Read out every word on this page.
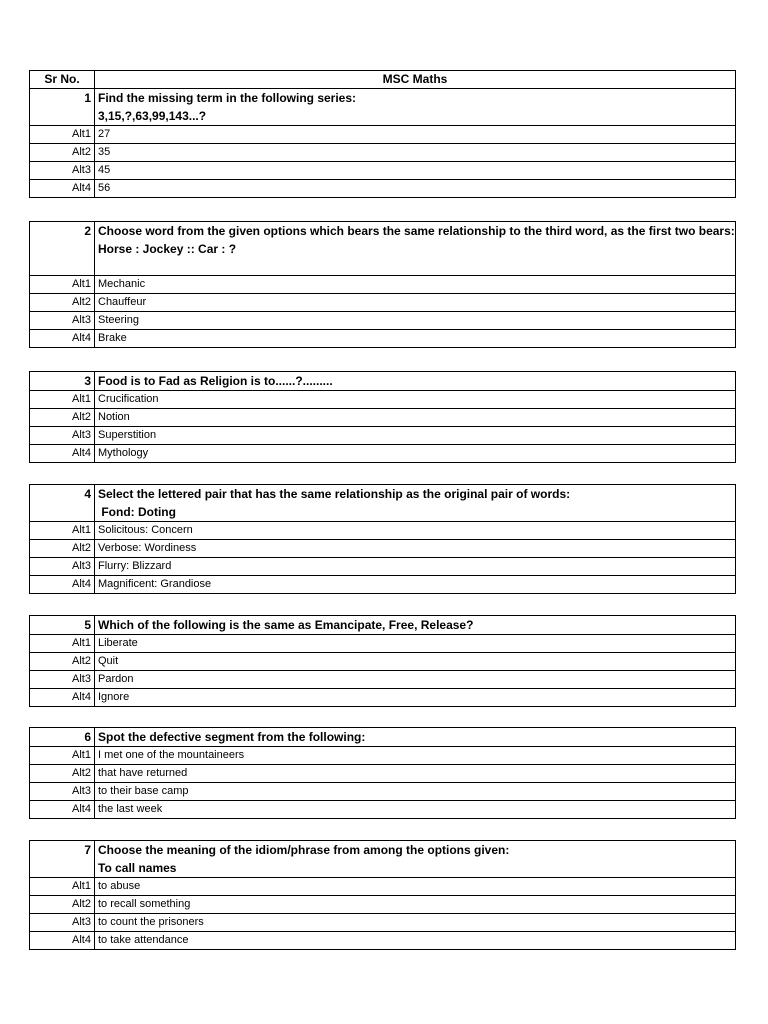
Sr No.	MSC Maths
1	Find the missing term in the following series:
3,15,?,63,99,143...?

Alt1	27
Alt2	35
Alt3	45
Alt4	56
2	Choose word from the given options which bears the same relationship to the third word, as the first two bears:
Horse : Jockey :: Car : ?

Alt1	Mechanic
Alt2	Chauffeur
Alt3	Steering
Alt4	Brake
3	Food is to Fad as Religion is to......?.........

Alt1	Crucification
Alt2	Notion
Alt3	Superstition
Alt4	Mythology
4	Select the lettered pair that has the same relationship as the original pair of words:
Fond: Doting

Alt1	Solicitous: Concern
Alt2	Verbose: Wordiness
Alt3	Flurry: Blizzard
Alt4	Magnificent: Grandiose
5	Which of the following is the same as Emancipate, Free, Release?

Alt1	Liberate
Alt2	Quit
Alt3	Pardon
Alt4	Ignore
6	Spot the defective segment from the following:

Alt1	I met one of the mountaineers
Alt2	that have returned
Alt3	to their base camp
Alt4	the last week
7	Choose the meaning of the idiom/phrase from among the options given:
To call names

Alt1	to abuse
Alt2	to recall something
Alt3	to count the prisoners
Alt4	to take attendance
